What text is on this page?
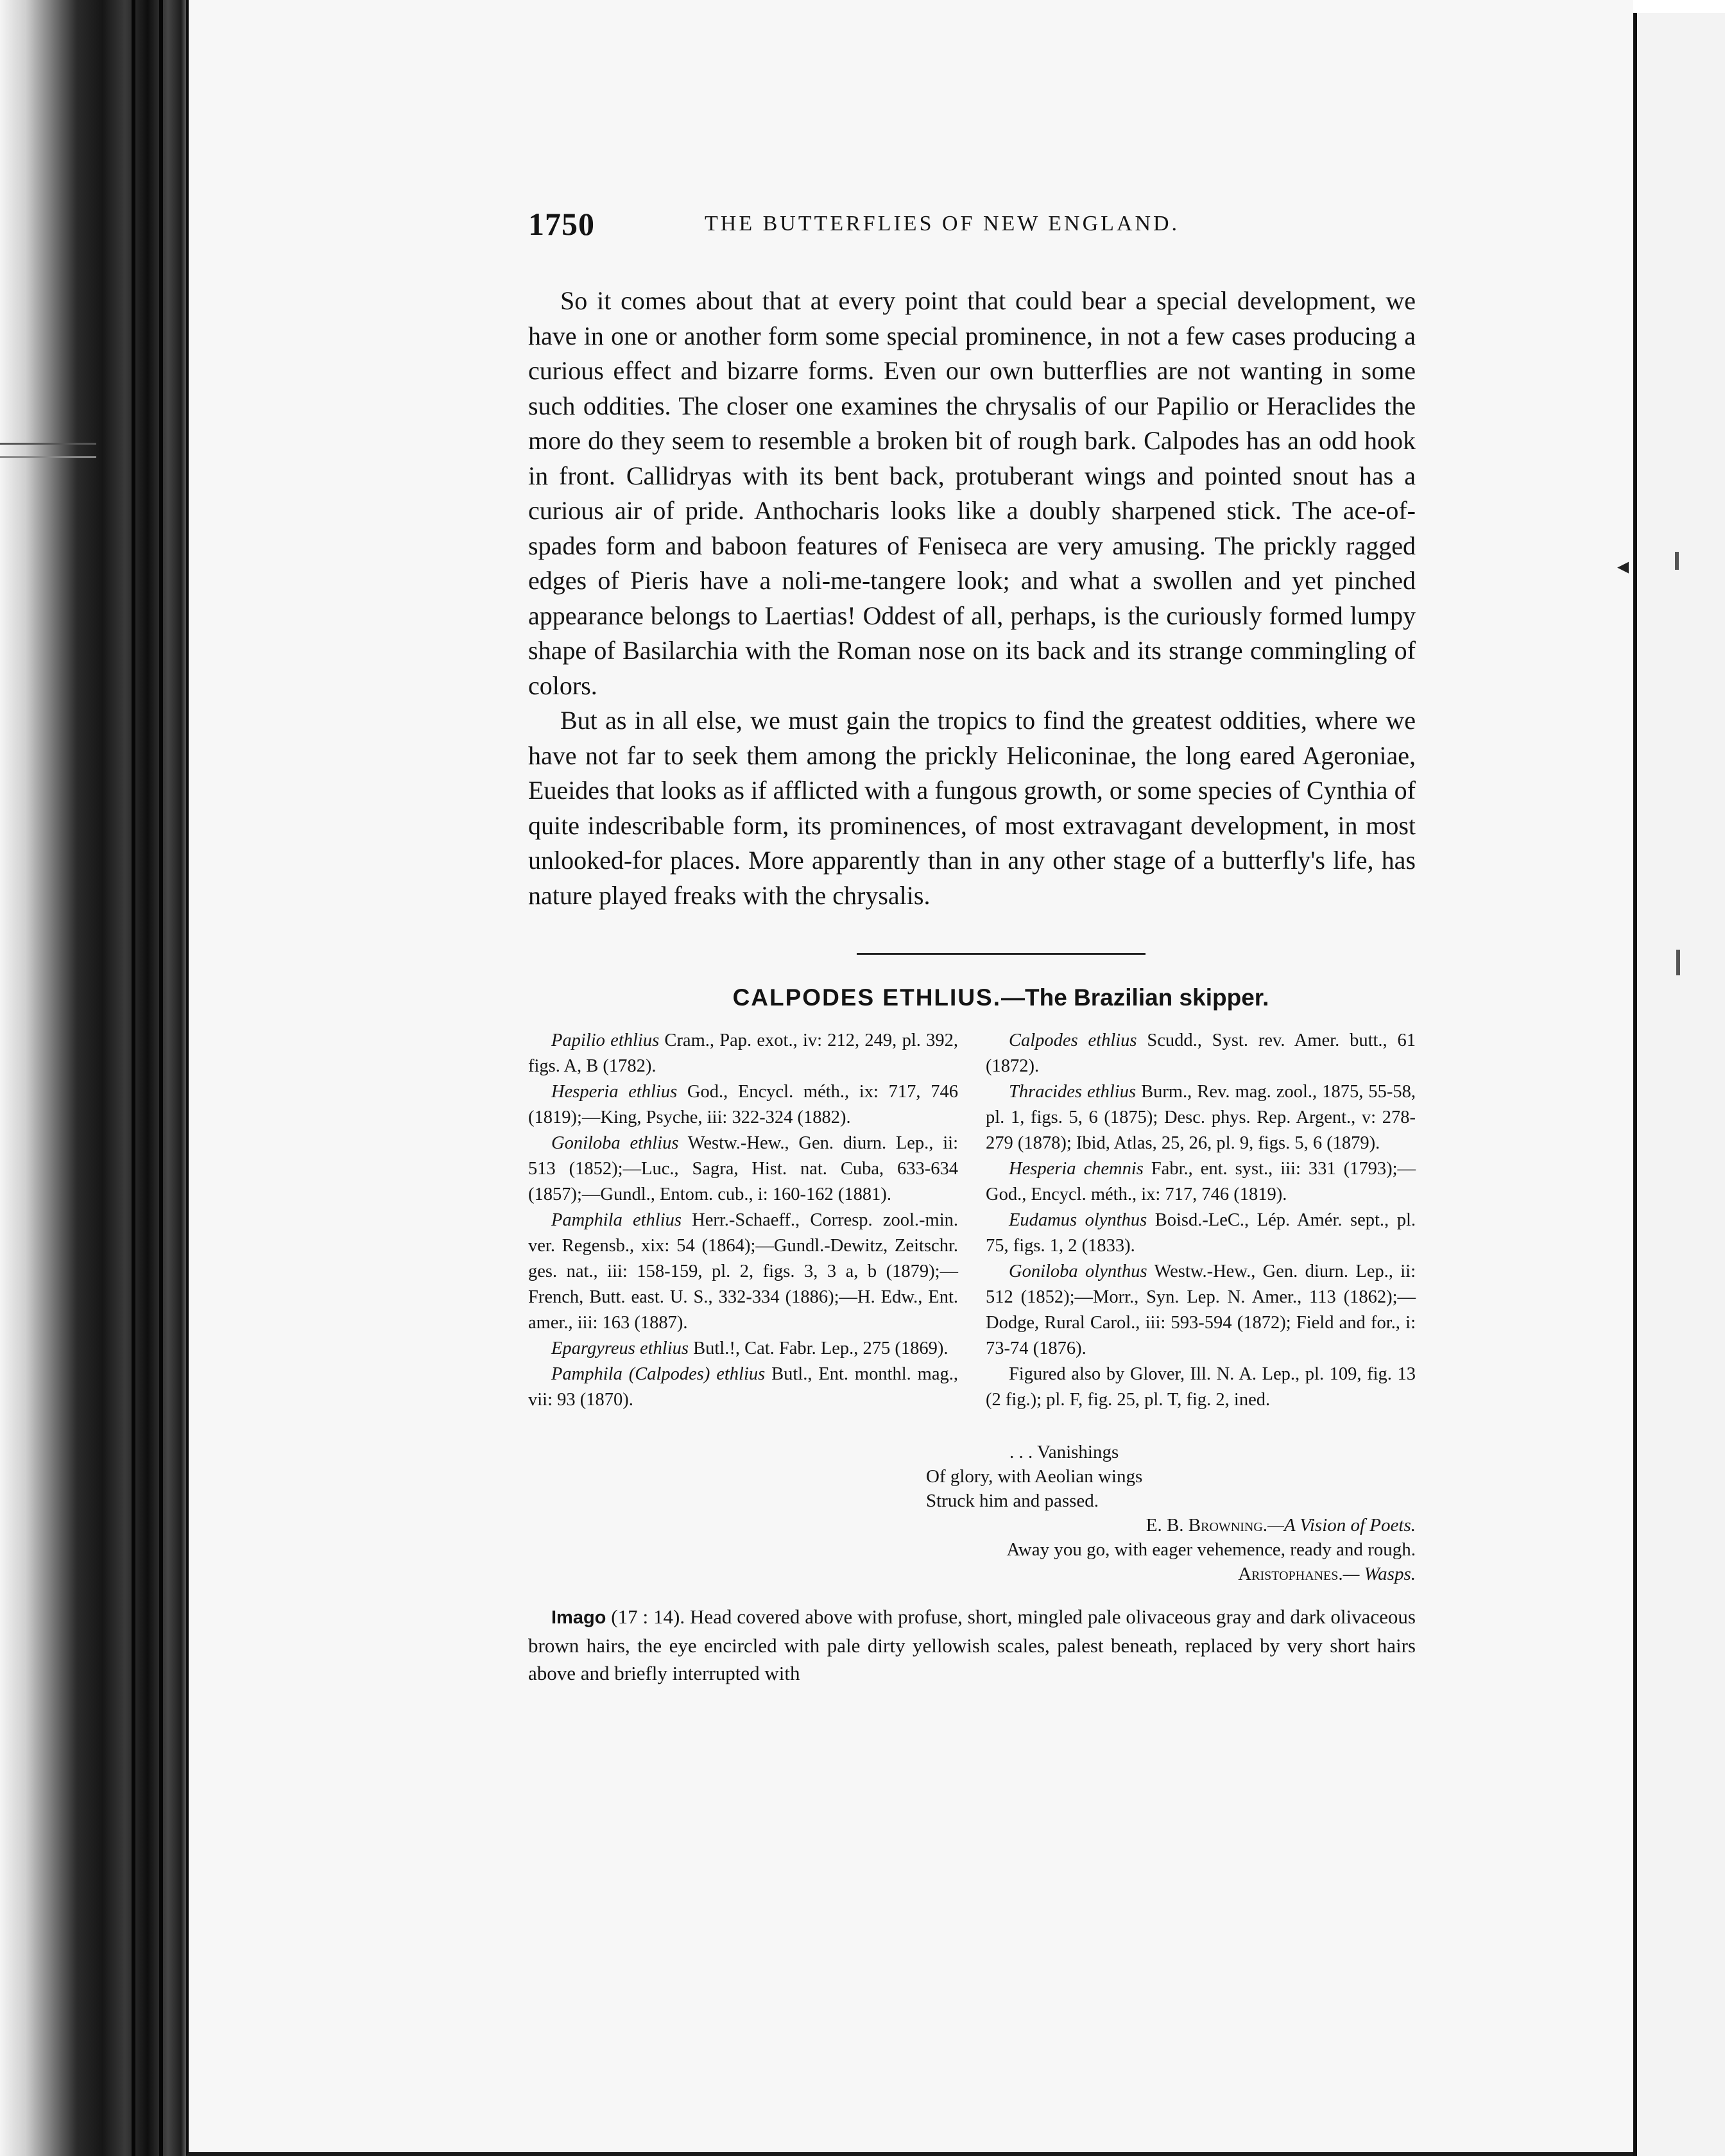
◂
1750	THE BUTTERFLIES OF NEW ENGLAND.

So it comes about that at every point that could bear a special development, we have in one or another form some special prominence, in not a few cases producing a curious effect and bizarre forms. Even our own butterflies are not wanting in some such oddities. The closer one examines the chrysalis of our Papilio or Heraclides the more do they seem to resemble a broken bit of rough bark. Calpodes has an odd hook in front. Callidryas with its bent back, protuberant wings and pointed snout has a curious air of pride. Anthocharis looks like a doubly sharpened stick. The ace-of-spades form and baboon features of Feniseca are very amusing. The prickly ragged edges of Pieris have a noli-me-tangere look; and what a swollen and yet pinched appearance belongs to Laertias! Oddest of all, perhaps, is the curiously formed lumpy shape of Basilarchia with the Roman nose on its back and its strange commingling of colors.

But as in all else, we must gain the tropics to find the greatest oddities, where we have not far to seek them among the prickly Heliconinae, the long eared Ageroniae, Eueides that looks as if afflicted with a fungous growth, or some species of Cynthia of quite indescribable form, its prominences, of most extravagant development, in most unlooked-for places. More apparently than in any other stage of a butterfly's life, has nature played freaks with the chrysalis.

CALPODES ETHLIUS.—The Brazilian skipper.

Papilio ethlius Cram., Pap. exot., iv: 212, 249, pl. 392, figs. A, B (1782).

Hesperia ethlius God., Encycl. méth., ix: 717, 746 (1819);—King, Psyche, iii: 322-324 (1882).

Goniloba ethlius Westw.-Hew., Gen. diurn. Lep., ii: 513 (1852);—Luc., Sagra, Hist. nat. Cuba, 633-634 (1857);—Gundl., Entom. cub., i: 160-162 (1881).

Pamphila ethlius Herr.-Schaeff., Corresp. zool.-min. ver. Regensb., xix: 54 (1864);—Gundl.-Dewitz, Zeitschr. ges. nat., iii: 158-159, pl. 2, figs. 3, 3 a, b (1879);—French, Butt. east. U. S., 332-334 (1886);—H. Edw., Ent. amer., iii: 163 (1887).

Epargyreus ethlius Butl.!, Cat. Fabr. Lep., 275 (1869).

Pamphila (Calpodes) ethlius Butl., Ent. monthl. mag., vii: 93 (1870).

Calpodes ethlius Scudd., Syst. rev. Amer. butt., 61 (1872).

Thracides ethlius Burm., Rev. mag. zool., 1875, 55-58, pl. 1, figs. 5, 6 (1875); Desc. phys. Rep. Argent., v: 278-279 (1878); Ibid, Atlas, 25, 26, pl. 9, figs. 5, 6 (1879).

Hesperia chemnis Fabr., ent. syst., iii: 331 (1793);—God., Encycl. méth., ix: 717, 746 (1819).

Eudamus olynthus Boisd.-LeC., Lép. Amér. sept., pl. 75, figs. 1, 2 (1833).

Goniloba olynthus Westw.-Hew., Gen. diurn. Lep., ii: 512 (1852);—Morr., Syn. Lep. N. Amer., 113 (1862);—Dodge, Rural Carol., iii: 593-594 (1872); Field and for., i: 73-74 (1876).

Figured also by Glover, Ill. N. A. Lep., pl. 109, fig. 13 (2 fig.); pl. F, fig. 25, pl. T, fig. 2, ined.

. . . Vanishings
Of glory, with Aeolian wings
Struck him and passed.
E. B. Browning.—A Vision of Poets.
Away you go, with eager vehemence, ready and rough.
Aristophanes.— Wasps.

Imago (17 : 14). Head covered above with profuse, short, mingled pale olivaceous gray and dark olivaceous brown hairs, the eye encircled with pale dirty yellowish scales, palest beneath, replaced by very short hairs above and briefly interrupted with
